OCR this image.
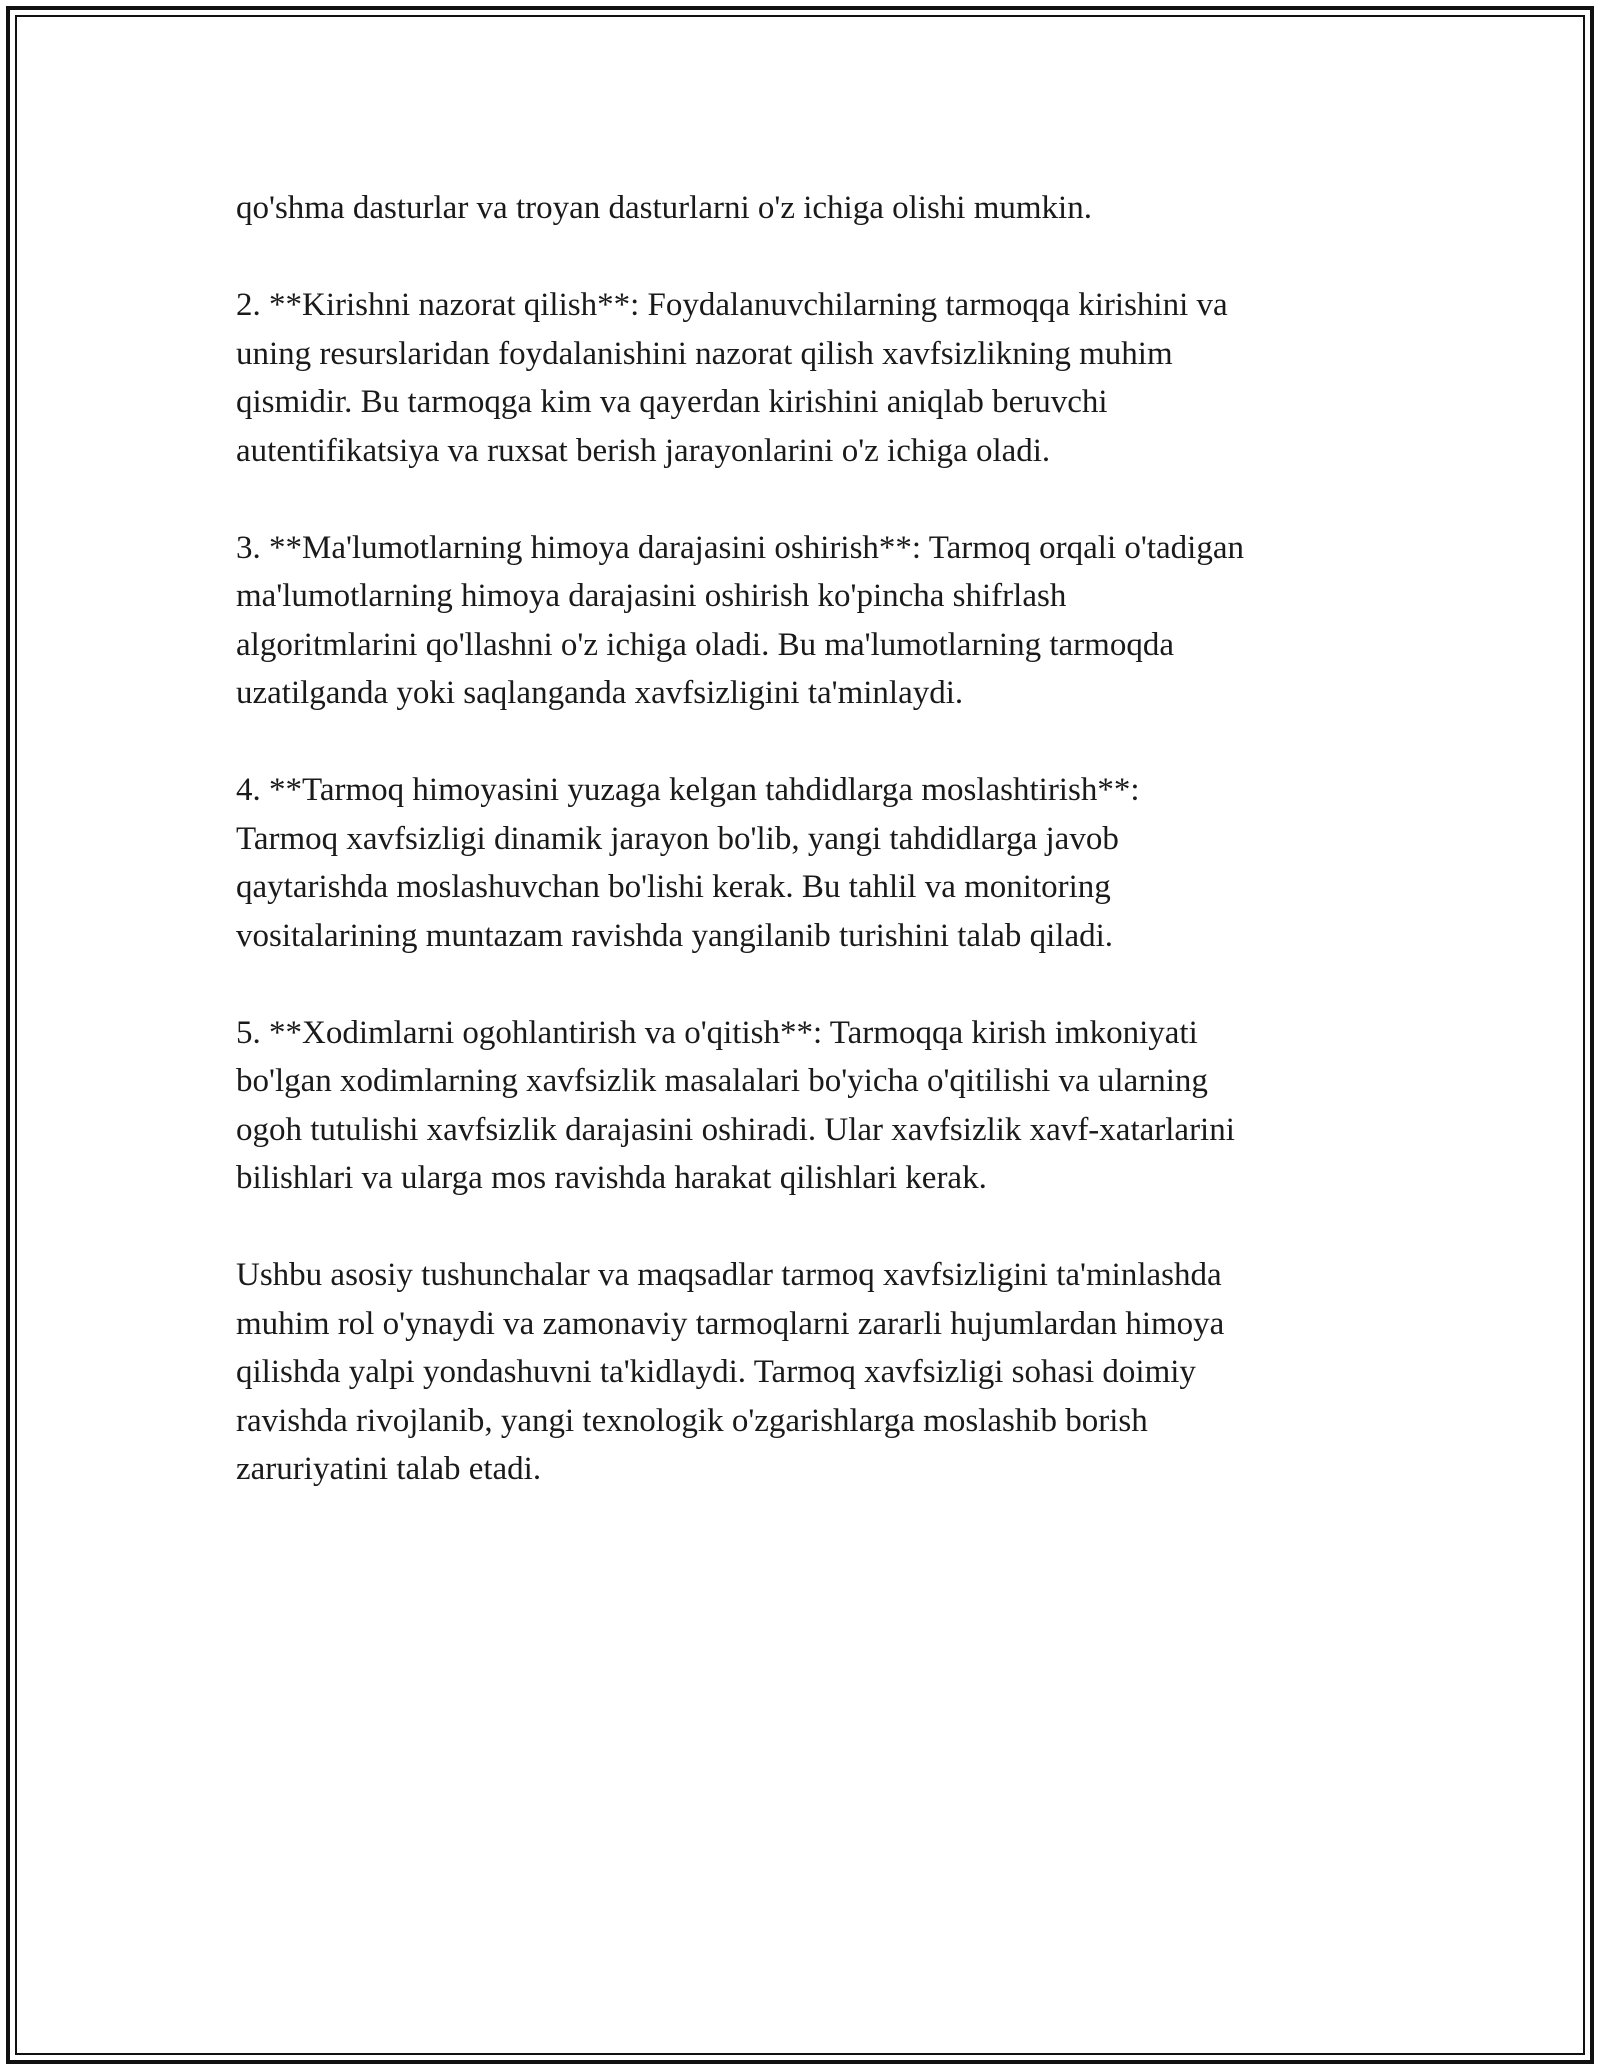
qo'shma dasturlar va troyan dasturlarni o'z ichiga olishi mumkin.

2. **Kirishni nazorat qilish**: Foydalanuvchilarning tarmoqqa kirishini va
uning resurslaridan foydalanishini nazorat qilish xavfsizlikning muhim
qismidir. Bu tarmoqga kim va qayerdan kirishini aniqlab beruvchi
autentifikatsiya va ruxsat berish jarayonlarini o'z ichiga oladi.

3. **Ma'lumotlarning himoya darajasini oshirish**: Tarmoq orqali o'tadigan
ma'lumotlarning himoya darajasini oshirish ko'pincha shifrlash
algoritmlarini qo'llashni o'z ichiga oladi. Bu ma'lumotlarning tarmoqda
uzatilganda yoki saqlanganda xavfsizligini ta'minlaydi.

4. **Tarmoq himoyasini yuzaga kelgan tahdidlarga moslashtirish**:
Tarmoq xavfsizligi dinamik jarayon bo'lib, yangi tahdidlarga javob
qaytarishda moslashuvchan bo'lishi kerak. Bu tahlil va monitoring
vositalarining muntazam ravishda yangilanib turishini talab qiladi.

5. **Xodimlarni ogohlantirish va o'qitish**: Tarmoqqa kirish imkoniyati
bo'lgan xodimlarning xavfsizlik masalalari bo'yicha o'qitilishi va ularning
ogoh tutulishi xavfsizlik darajasini oshiradi. Ular xavfsizlik xavf-xatarlarini
bilishlari va ularga mos ravishda harakat qilishlari kerak.

Ushbu asosiy tushunchalar va maqsadlar tarmoq xavfsizligini ta'minlashda
muhim rol o'ynaydi va zamonaviy tarmoqlarni zararli hujumlardan himoya
qilishda yalpi yondashuvni ta'kidlaydi. Tarmoq xavfsizligi sohasi doimiy
ravishda rivojlanib, yangi texnologik o'zgarishlarga moslashib borish
zaruriyatini talab etadi.
